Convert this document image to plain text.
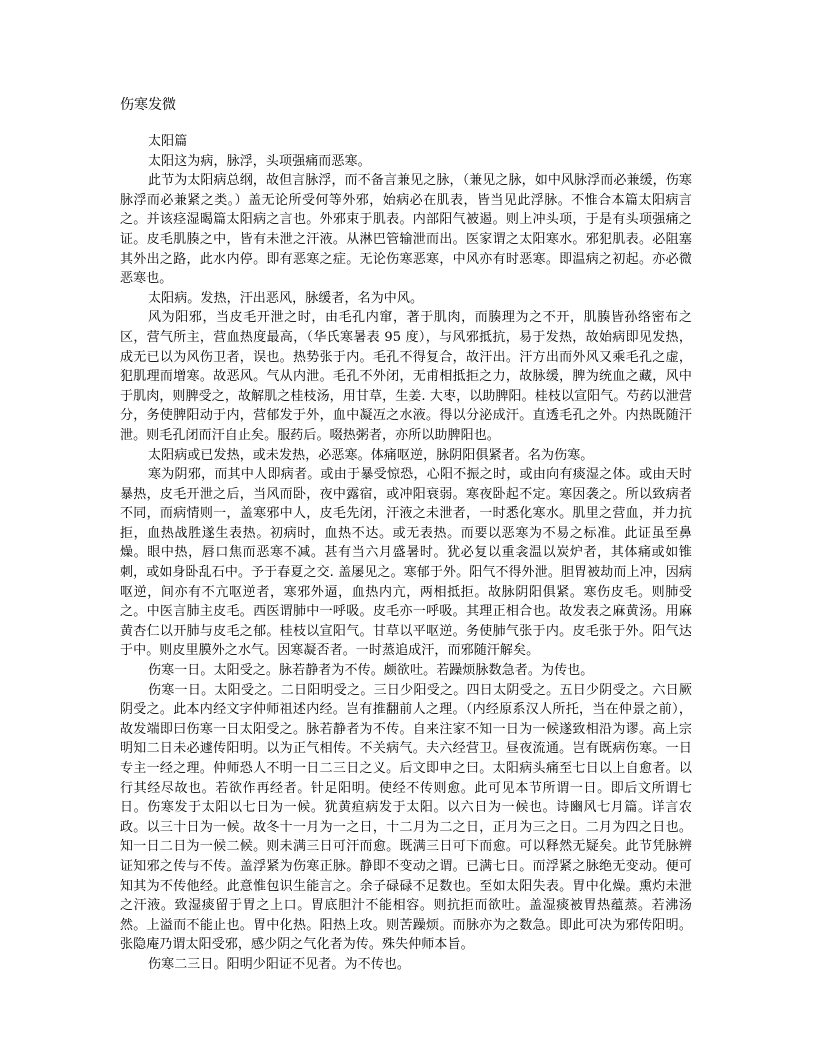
伤寒发微

太阳篇

太阳这为病，脉浮，头项强痛而恶寒。

此节为太阳病总纲，故但言脉浮，而不备言兼见之脉，（兼见之脉，如中风脉浮而必兼缓，伤寒脉浮而必兼紧之类。）盖无论所受何等外邪，始病必在肌表，皆当见此浮脉。不惟合本篇太阳病言之。并该痉湿暍篇太阳病之言也。外邪束于肌表。内部阳气被遏。则上冲头项，于是有头项强痛之证。皮毛肌腠之中，皆有未泄之汗液。从淋巴管输泄而出。医家谓之太阳寒水。邪犯肌表。必阻塞其外出之路，此水内停。即有恶寒之症。无论伤寒恶寒，中风亦有时恶寒。即温病之初起。亦必微恶寒也。

太阳病。发热，汗出恶风，脉缓者，名为中风。

风为阳邪，当皮毛开泄之时，由毛孔内窜，著于肌肉，而腠理为之不开，肌腠皆孙络密布之区，营气所主，营血热度最高，（华氏寒暑表 95 度），与风邪抵抗，易于发热，故始病即见发热，成无已以为风伤卫者，误也。热势张于内。毛孔不得复合，故汗出。汗方出而外风又乘毛孔之虚，犯肌理而增寒。故恶风。气从内泄。毛孔不外闭，无甫相抵拒之力，故脉缓，脾为统血之藏，风中于肌肉，则脾受之，故解肌之桂枝汤，用甘草，生姜. 大枣，以助脾阳。桂枝以宣阳气。芍药以泄营分，务使脾阳动于内，营郁发于外，血中凝冱之水液。得以分泌成汗。直透毛孔之外。内热既随汗泄。则毛孔闭而汗自止矣。服药后。啜热粥者，亦所以助脾阳也。

太阳病或已发热，或未发热，必恶寒。体痛呕逆，脉阴阳俱紧者。名为伤寒。

寒为阴邪，而其中人即病者。或由于暴受惊恐，心阳不振之时，或由向有痰湿之体。或由天时暴热，皮毛开泄之后，当风而卧，夜中露宿，或冲阳衰弱。寒夜卧起不定。寒因袭之。所以致病者不同，而病情则一，盖寒邪中人，皮毛先闭，汗液之未泄者，一时悉化寒水。肌里之营血，并力抗拒，血热战胜遂生表热。初病时，血热不达。或无表热。而要以恶寒为不易之标准。此证虽至鼻燥。眼中热，唇口焦而恶寒不减。甚有当六月盛暑时。犹必复以重衾温以炭炉者，其体痛或如锥刺，或如身卧乱石中。予于春夏之交. 盖屡见之。寒郁于外。阳气不得外泄。胆胃被劫而上冲，因病呕逆，间亦有不亢呕逆者，寒邪外逼，血热内亢，两相抵拒。故脉阴阳俱紧。寒伤皮毛。则肺受之。中医言肺主皮毛。西医谓肺中一呼吸。皮毛亦一呼吸。其理正相合也。故发表之麻黄汤。用麻黄杏仁以开肺与皮毛之郁。桂枝以宣阳气。甘草以平呕逆。务使肺气张于内。皮毛张于外。阳气达于中。则皮里膜外之水气。因寒凝否者。一时蒸追成汗，而邪随汗解矣。

伤寒一日。太阳受之。脉若静者为不传。颇欲吐。若躁烦脉数急者。为传也。

伤寒一日。太阳受之。二日阳明受之。三日少阳受之。四日太阴受之。五日少阴受之。六日厥阴受之。此本内经文字仲师祖述内经。岂有推翻前人之理。（内经原系汉人所托，当在仲景之前），故发端即曰伤寒一日太阳受之。脉若静者为不传。自来注家不知一日为一候遂致相沿为谬。高上宗明知二日未必遽传阳明。以为正气相传。不关病气。夫六经营卫。昼夜流通。岂有既病伤寒。一日专主一经之理。仲师恐人不明一日二三日之义。后文即申之曰。太阳病头痛至七日以上自愈者。以行其经尽故也。若欲作再经者。针足阳明。使经不传则愈。此可见本节所谓一日。即后文所谓七日。伤寒发于太阳以七日为一候。犹黄疸病发于太阳。以六日为一候也。诗豳风七月篇。详言农政。以三十日为一候。故冬十一月为一之日，十二月为二之日，正月为三之日。二月为四之日也。知一日二日为一候二候。则未满三日可汗而愈。既满三日可下而愈。可以释然无疑矣。此节凭脉辨证知邪之传与不传。盖浮紧为伤寒正脉。静即不变动之谓。已满七日。而浮紧之脉绝无变动。便可知其为不传他经。此意惟包识生能言之。余子碌碌不足数也。至如太阳失表。胃中化燥。熏灼未泄之汗液。致湿痰留于胃之上口。胃底胆汁不能相容。则抗拒而欲吐。盖湿痰被胃热蕴蒸。若沸汤然。上溢而不能止也。胃中化热。阳热上攻。则苦躁烦。而脉亦为之数急。即此可决为邪传阳明。张隐庵乃谓太阳受邪，感少阴之气化者为传。殊失仲师本旨。

伤寒二三日。阳明少阳证不见者。为不传也。
